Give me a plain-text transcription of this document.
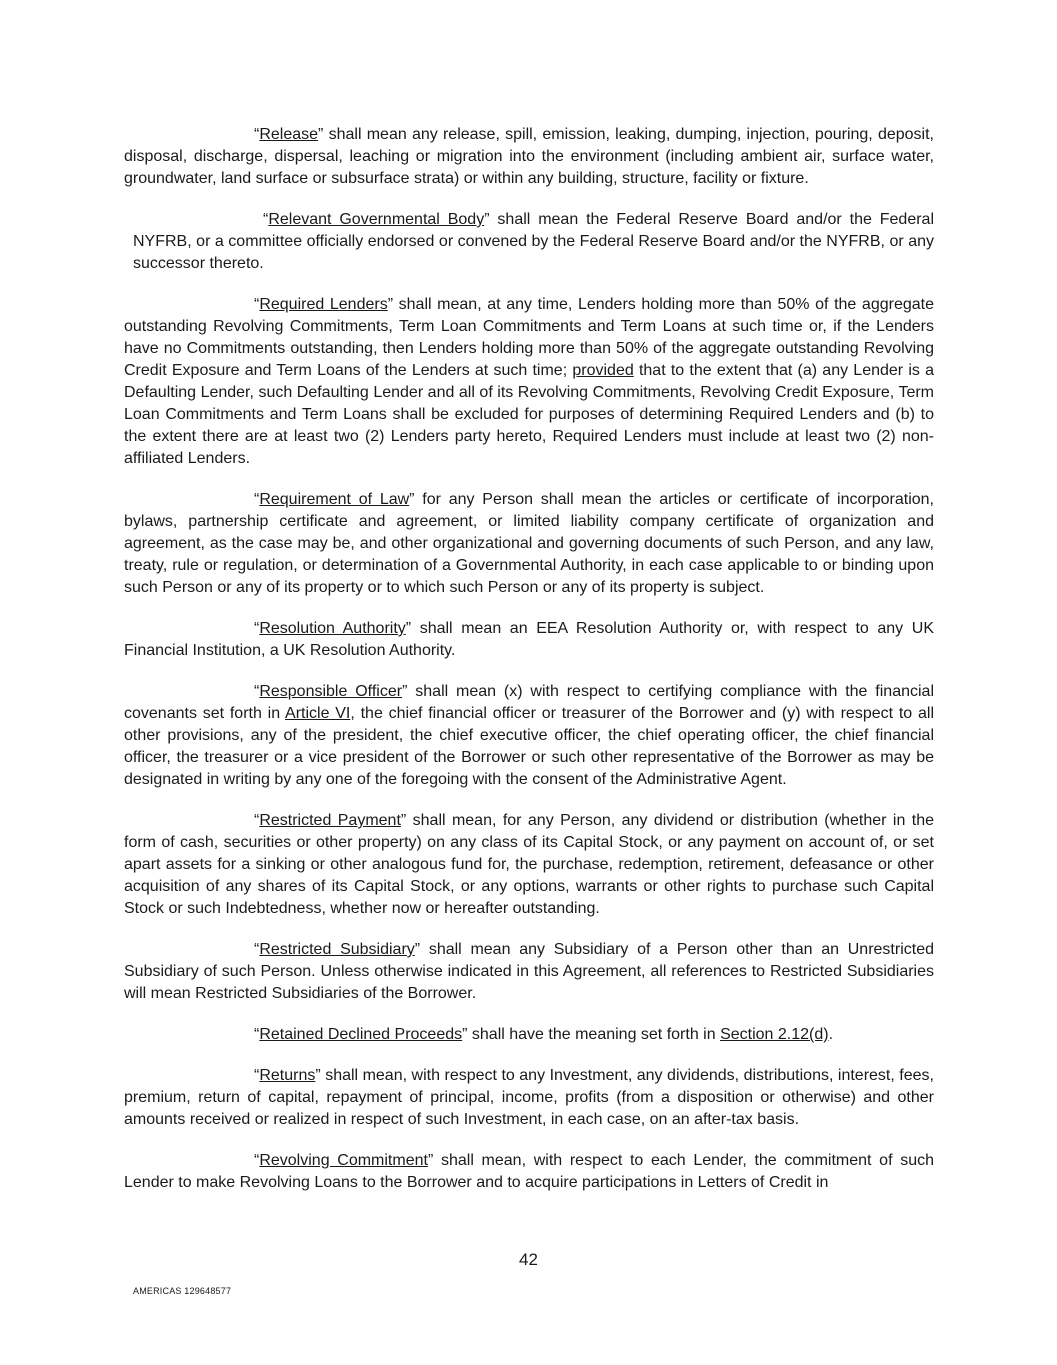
“Release” shall mean any release, spill, emission, leaking, dumping, injection, pouring, deposit, disposal, discharge, dispersal, leaching or migration into the environment (including ambient air, surface water, groundwater, land surface or subsurface strata) or within any building, structure, facility or fixture.

“Relevant Governmental Body” shall mean the Federal Reserve Board and/or the Federal NYFRB, or a committee officially endorsed or convened by the Federal Reserve Board and/or the NYFRB, or any successor thereto.

“Required Lenders” shall mean, at any time, Lenders holding more than 50% of the aggregate outstanding Revolving Commitments, Term Loan Commitments and Term Loans at such time or, if the Lenders have no Commitments outstanding, then Lenders holding more than 50% of the aggregate outstanding Revolving Credit Exposure and Term Loans of the Lenders at such time; provided that to the extent that (a) any Lender is a Defaulting Lender, such Defaulting Lender and all of its Revolving Commitments, Revolving Credit Exposure, Term Loan Commitments and Term Loans shall be excluded for purposes of determining Required Lenders and (b) to the extent there are at least two (2) Lenders party hereto, Required Lenders must include at least two (2) non-affiliated Lenders.

“Requirement of Law” for any Person shall mean the articles or certificate of incorporation, bylaws, partnership certificate and agreement, or limited liability company certificate of organization and agreement, as the case may be, and other organizational and governing documents of such Person, and any law, treaty, rule or regulation, or determination of a Governmental Authority, in each case applicable to or binding upon such Person or any of its property or to which such Person or any of its property is subject.

“Resolution Authority” shall mean an EEA Resolution Authority or, with respect to any UK Financial Institution, a UK Resolution Authority.

“Responsible Officer” shall mean (x) with respect to certifying compliance with the financial covenants set forth in Article VI, the chief financial officer or treasurer of the Borrower and (y) with respect to all other provisions, any of the president, the chief executive officer, the chief operating officer, the chief financial officer, the treasurer or a vice president of the Borrower or such other representative of the Borrower as may be designated in writing by any one of the foregoing with the consent of the Administrative Agent.

“Restricted Payment” shall mean, for any Person, any dividend or distribution (whether in the form of cash, securities or other property) on any class of its Capital Stock, or any payment on account of, or set apart assets for a sinking or other analogous fund for, the purchase, redemption, retirement, defeasance or other acquisition of any shares of its Capital Stock, or any options, warrants or other rights to purchase such Capital Stock or such Indebtedness, whether now or hereafter outstanding.

“Restricted Subsidiary” shall mean any Subsidiary of a Person other than an Unrestricted Subsidiary of such Person. Unless otherwise indicated in this Agreement, all references to Restricted Subsidiaries will mean Restricted Subsidiaries of the Borrower.

“Retained Declined Proceeds” shall have the meaning set forth in Section 2.12(d).

“Returns” shall mean, with respect to any Investment, any dividends, distributions, interest, fees, premium, return of capital, repayment of principal, income, profits (from a disposition or otherwise) and other amounts received or realized in respect of such Investment, in each case, on an after-tax basis.

“Revolving Commitment” shall mean, with respect to each Lender, the commitment of such Lender to make Revolving Loans to the Borrower and to acquire participations in Letters of Credit in

42
AMERICAS 129648577
